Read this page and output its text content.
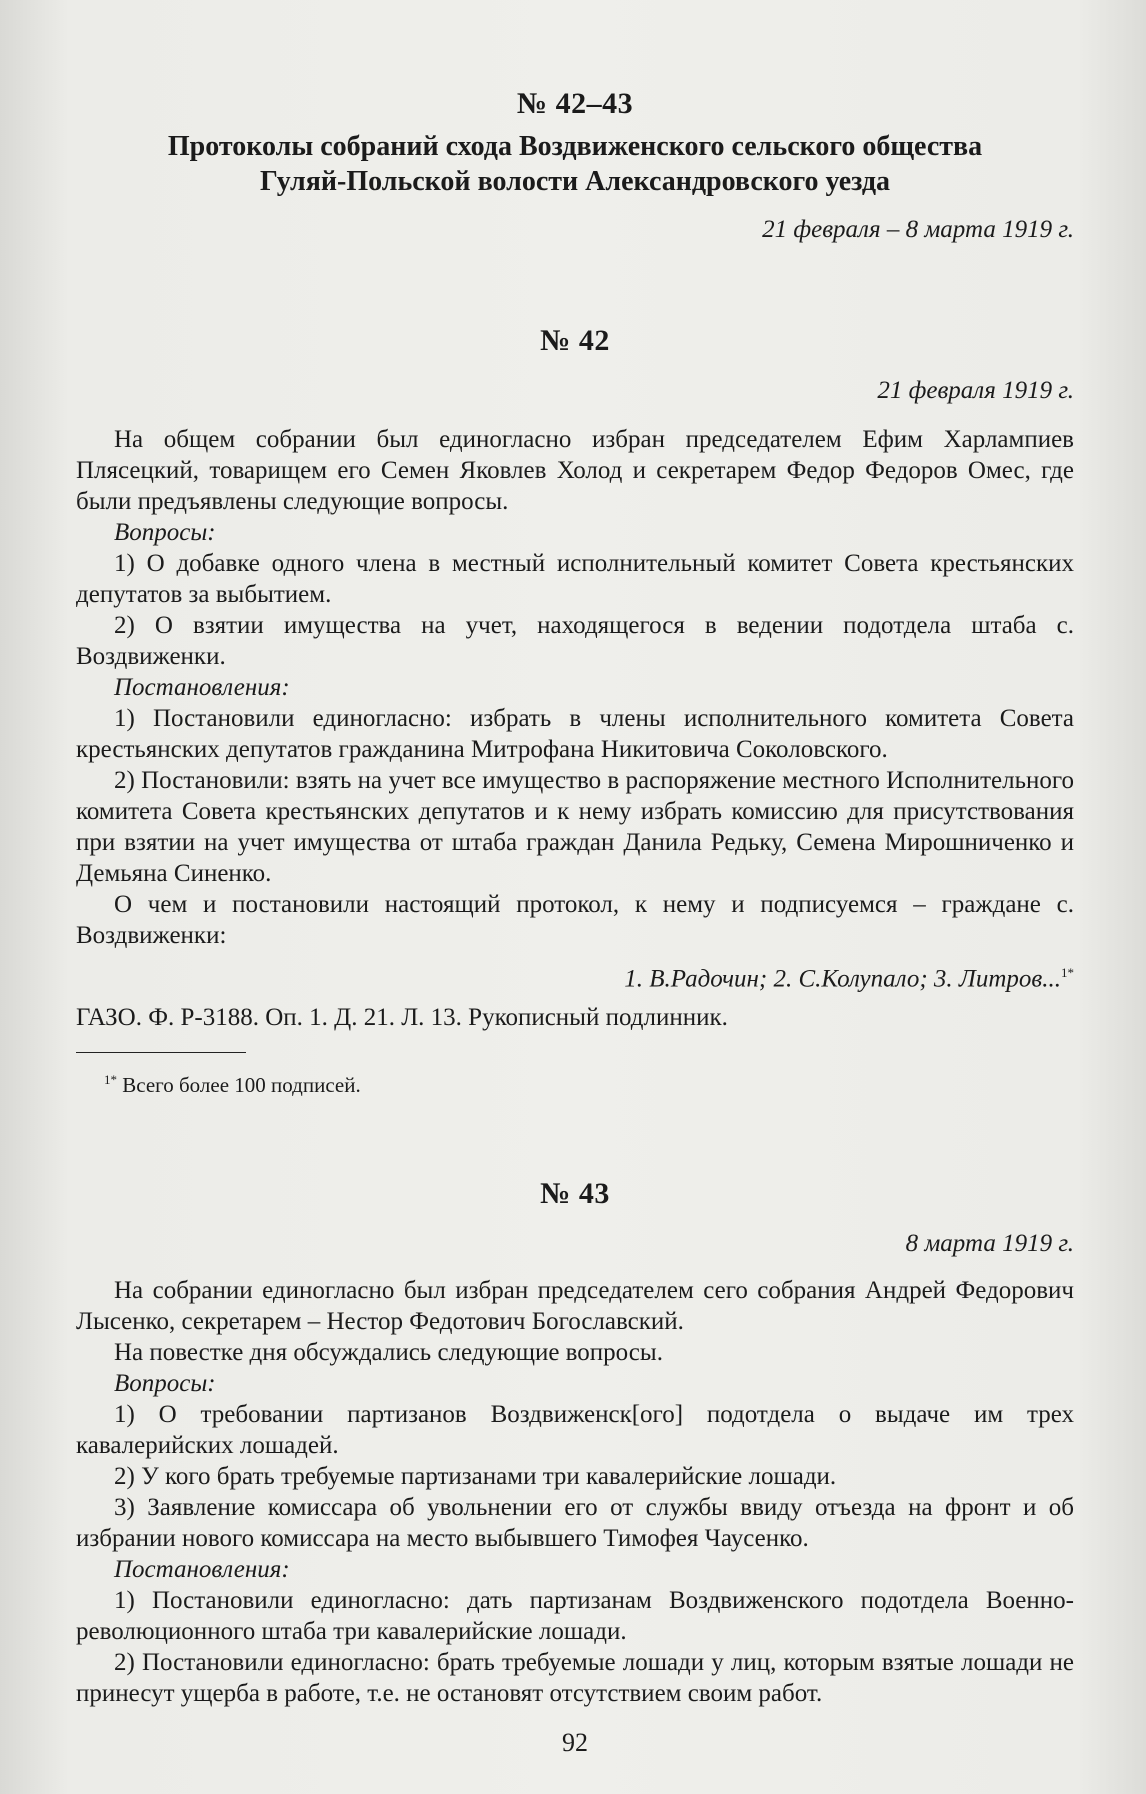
№ 42–43
Протоколы собраний схода Воздвиженского сельского общества
Гуляй-Польской волости Александровского уезда
21 февраля – 8 марта 1919 г.
№ 42
21 февраля 1919 г.

На общем собрании был единогласно избран председателем Ефим Харлампиев Плясецкий, товарищем его Семен Яковлев Холод и секретарем Федор Федоров Омес, где были предъявлены следующие вопросы.

Вопросы:

1) О добавке одного члена в местный исполнительный комитет Совета крестьянских депутатов за выбытием.

2) О взятии имущества на учет, находящегося в ведении подотдела штаба с. Воздвиженки.

Постановления:

1) Постановили единогласно: избрать в члены исполнительного комитета Совета крестьянских депутатов гражданина Митрофана Никитовича Соколовского.

2) Постановили: взять на учет все имущество в распоряжение местного Исполнительного комитета Совета крестьянских депутатов и к нему избрать комиссию для присутствования при взятии на учет имущества от штаба граждан Данила Редьку, Семена Мирошниченко и Демьяна Синенко.

О чем и постановили настоящий протокол, к нему и подписуемся – граждане с. Воздвиженки:

1. В.Радочин; 2. С.Колупало; 3. Литров...$^{1*}$

ГАЗО. Ф. Р-3188. Оп. 1. Д. 21. Л. 13. Рукописный подлинник.
$^{1*}$ Всего более 100 подписей.
№ 43
8 марта 1919 г.

На собрании единогласно был избран председателем сего собрания Андрей Федорович Лысенко, секретарем – Нестор Федотович Богославский.

На повестке дня обсуждались следующие вопросы.

Вопросы:

1) О требовании партизанов Воздвиженск[ого] подотдела о выдаче им трех кавалерийских лошадей.

2) У кого брать требуемые партизанами три кавалерийские лошади.

3) Заявление комиссара об увольнении его от службы ввиду отъезда на фронт и об избрании нового комиссара на место выбывшего Тимофея Чаусенко.

Постановления:

1) Постановили единогласно: дать партизанам Воздвиженского подотдела Военно-революционного штаба три кавалерийские лошади.

2) Постановили единогласно: брать требуемые лошади у лиц, которым взятые лошади не принесут ущерба в работе, т.е. не остановят отсутствием своим работ.

92
